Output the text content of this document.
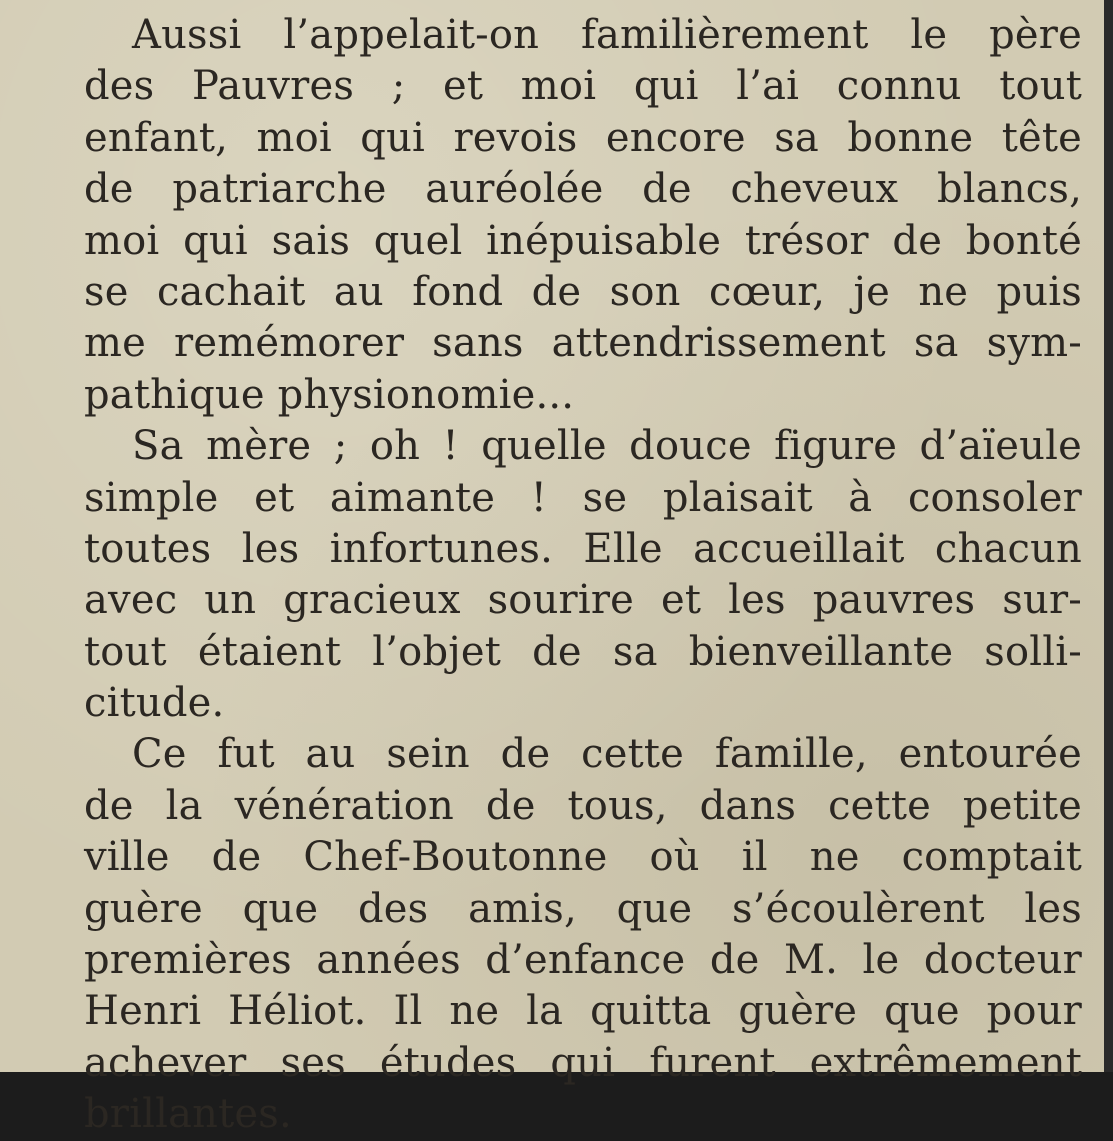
Aussi l’appelait-on familièrement le père
des Pauvres ; et moi qui l’ai connu tout
enfant, moi qui revois encore sa bonne tête
de patriarche auréolée de cheveux blancs,
moi qui sais quel inépuisable trésor de bonté
se cachait au fond de son cœur, je ne puis
me remémorer sans attendrissement sa sym-
pathique physionomie...
Sa mère ; oh ! quelle douce figure d’aïeule
simple et aimante ! se plaisait à consoler
toutes les infortunes. Elle accueillait chacun
avec un gracieux sourire et les pauvres sur-
tout étaient l’objet de sa bienveillante solli-
citude.
Ce fut au sein de cette famille, entourée
de la vénération de tous, dans cette petite
ville de Chef-Boutonne où il ne comptait
guère que des amis, que s’écoulèrent les
premières années d’enfance de M. le docteur
Henri Héliot. Il ne la quitta guère que pour
achever ses études qui furent extrêmement
brillantes.
